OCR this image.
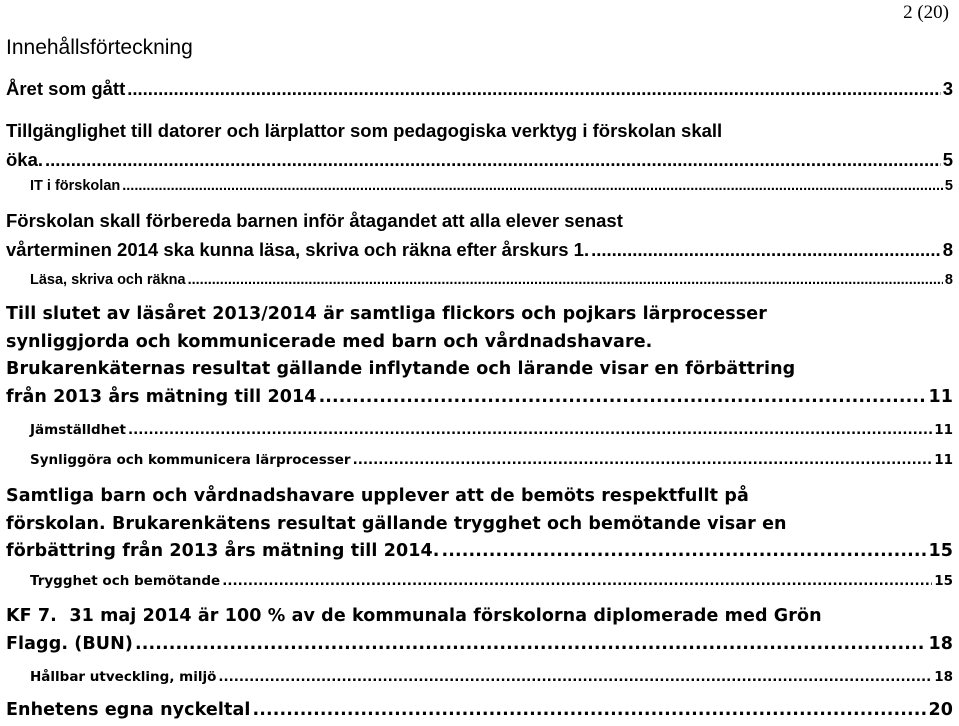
2 (20)
Innehållsförteckning
Året som gått .....	3
Tillgänglighet till datorer och lärplattor som pedagogiska verktyg i förskolan skall
öka. .....	5
IT i förskolan .....	5
Förskolan skall förbereda barnen inför åtagandet att alla elever senast
vårterminen 2014 ska kunna läsa, skriva och räkna efter årskurs 1. .....	8
Läsa, skriva och räkna .....	8
Till slutet av läsåret 2013/2014 är samtliga flickors och pojkars lärprocesser
synliggjorda och kommunicerade med barn och vårdnadshavare.
Brukarenkäternas resultat gällande inflytande och lärande visar en förbättring
från 2013 års mätning till 2014 .....	11
Jämställdhet .....	11
Synliggöra och kommunicera lärprocesser .....	11
Samtliga barn och vårdnadshavare upplever att de bemöts respektfullt på
förskolan. Brukarenkätens resultat gällande trygghet och bemötande visar en
förbättring från 2013 års mätning till 2014. .....	15
Trygghet och bemötande .....	15
KF 7.  31 maj 2014 är 100 % av de kommunala förskolorna diplomerade med Grön
Flagg. (BUN) .....	18
Hållbar utveckling, miljö .....	18
Enhetens egna nyckeltal .....	20
